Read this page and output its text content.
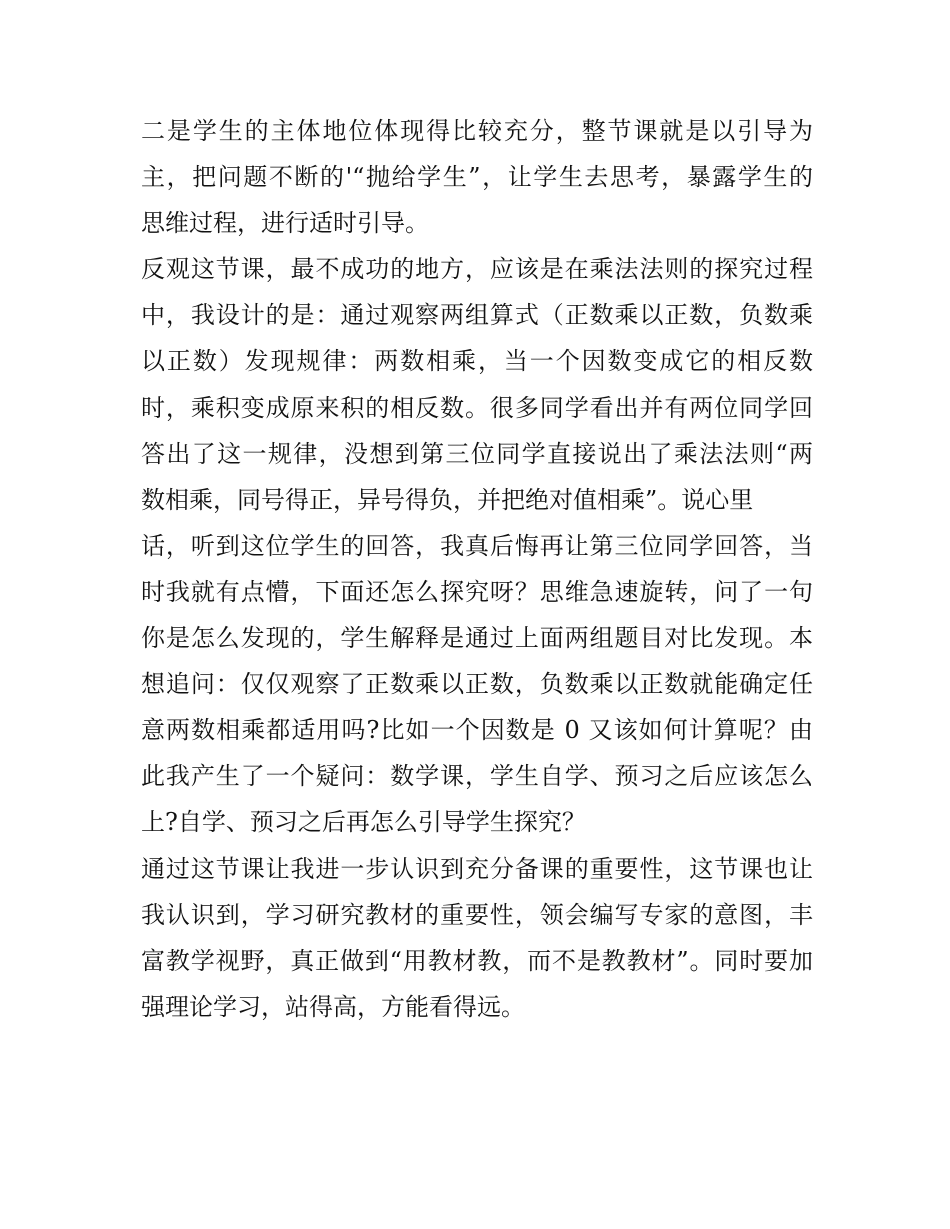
二是学生的主体地位体现得比较充分，整节课就是以引导为
主，把问题不断的'“抛给学生”，让学生去思考，暴露学生的
思维过程，进行适时引导。
反观这节课，最不成功的地方，应该是在乘法法则的探究过程
中，我设计的是：通过观察两组算式（正数乘以正数，负数乘
以正数）发现规律：两数相乘，当一个因数变成它的相反数
时，乘积变成原来积的相反数。很多同学看出并有两位同学回
答出了这一规律，没想到第三位同学直接说出了乘法法则“两
数相乘，同号得正，异号得负，并把绝对值相乘”。说心里
话，听到这位学生的回答，我真后悔再让第三位同学回答，当
时我就有点懵，下面还怎么探究呀？思维急速旋转，问了一句
你是怎么发现的，学生解释是通过上面两组题目对比发现。本
想追问：仅仅观察了正数乘以正数，负数乘以正数就能确定任
意两数相乘都适用吗?比如一个因数是 0 又该如何计算呢？由
此我产生了一个疑问：数学课，学生自学、预习之后应该怎么
上?自学、预习之后再怎么引导学生探究？
通过这节课让我进一步认识到充分备课的重要性，这节课也让
我认识到，学习研究教材的重要性，领会编写专家的意图，丰
富教学视野，真正做到“用教材教，而不是教教材”。同时要加
强理论学习，站得高，方能看得远。
